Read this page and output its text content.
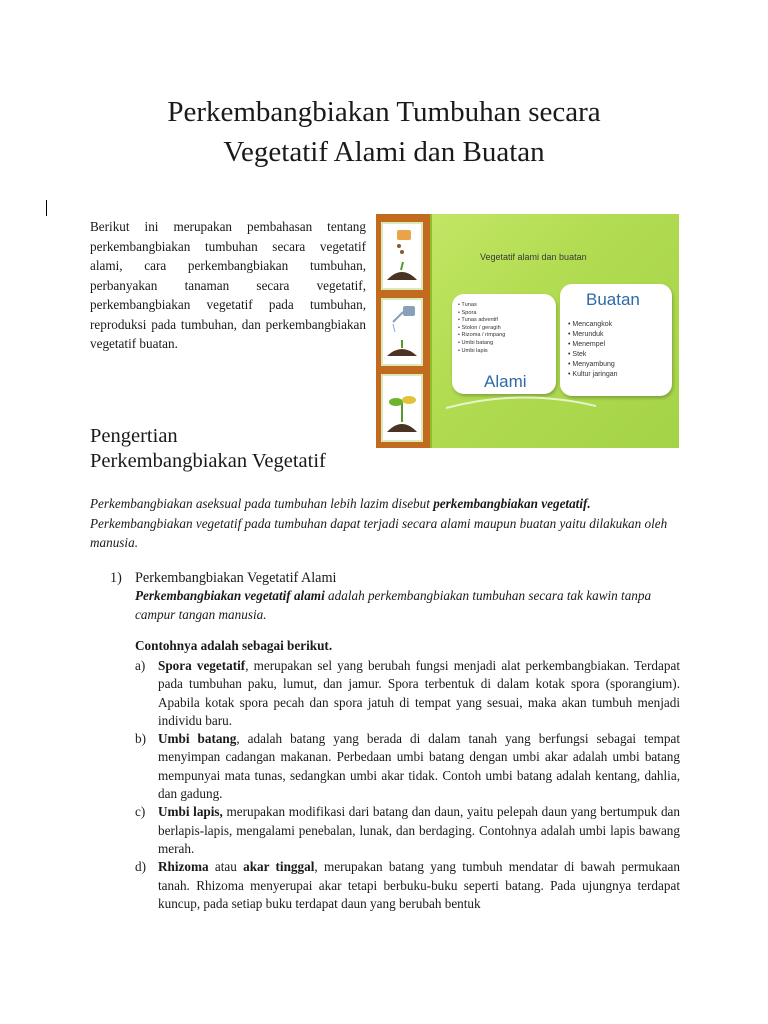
Perkembangbiakan Tumbuhan secara
Vegetatif Alami dan Buatan

Berikut ini merupakan pembahasan tentang perkembangbiakan tumbuhan secara vegetatif alami, cara perkembangbiakan tumbuhan, perbanyakan tanaman secara vegetatif, perkembangbiakan vegetatif pada tumbuhan, reproduksi pada tumbuhan, dan perkembangbiakan vegetatif buatan.

Vegetatif alami dan buatan
• Mencangkok
• Merunduk
• Menempel
• Stek
• Menyambung
• Kultur jaringan
Buatan
• Tunas
• Spora
• Tunas adventif
• Stolon / geragih
• Rizoma / rimpang
• Umbi batang
• Umbi lapis
Alami
Pengertian
Perkembangbiakan Vegetatif

Perkembangbiakan aseksual pada tumbuhan lebih lazim disebut perkembangbiakan vegetatif. Perkembangbiakan vegetatif pada tumbuhan dapat terjadi secara alami maupun buatan yaitu dilakukan oleh manusia.

1) Perkembangbiakan Vegetatif Alami

Perkembangbiakan vegetatif alami adalah perkembangbiakan tumbuhan secara tak kawin tanpa campur tangan manusia.

Contohnya adalah sebagai berikut.

a) Spora vegetatif, merupakan sel yang berubah fungsi menjadi alat perkembangbiakan. Terdapat pada tumbuhan paku, lumut, dan jamur. Spora terbentuk di dalam kotak spora (sporangium). Apabila kotak spora pecah dan spora jatuh di tempat yang sesuai, maka akan tumbuh menjadi individu baru.
b) Umbi batang, adalah batang yang berada di dalam tanah yang berfungsi sebagai tempat menyimpan cadangan makanan. Perbedaan umbi batang dengan umbi akar adalah umbi batang mempunyai mata tunas, sedangkan umbi akar tidak. Contoh umbi batang adalah kentang, dahlia, dan gadung.
c) Umbi lapis, merupakan modifikasi dari batang dan daun, yaitu pelepah daun yang bertumpuk dan berlapis-lapis, mengalami penebalan, lunak, dan berdaging. Contohnya adalah umbi lapis bawang merah.
d) Rhizoma atau akar tinggal, merupakan batang yang tumbuh mendatar di bawah permukaan tanah. Rhizoma menyerupai akar tetapi berbuku-buku seperti batang. Pada ujungnya terdapat kuncup, pada setiap buku terdapat daun yang berubah bentuk
